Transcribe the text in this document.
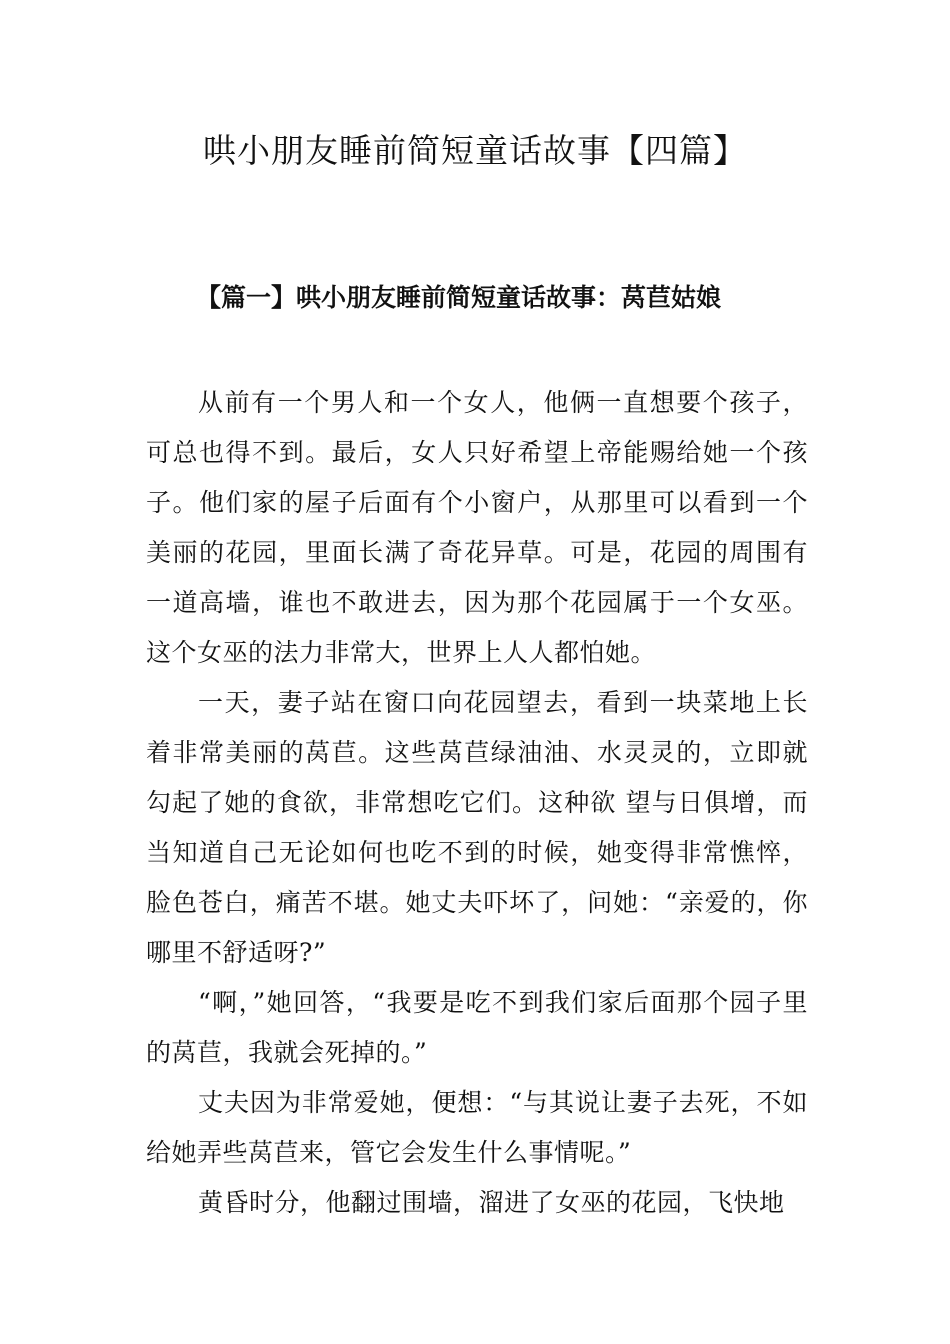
哄小朋友睡前简短童话故事【四篇】
【篇一】哄小朋友睡前简短童话故事：莴苣姑娘

从前有一个男人和一个女人，他俩一直想要个孩子，可总也得不到。最后，女人只好希望上帝能赐给她一个孩子。他们家的屋子后面有个小窗户，从那里可以看到一个美丽的花园，里面长满了奇花异草。可是，花园的周围有一道高墙，谁也不敢进去，因为那个花园属于一个女巫。这个女巫的法力非常大，世界上人人都怕她。

一天，妻子站在窗口向花园望去，看到一块菜地上长着非常美丽的莴苣。这些莴苣绿油油、水灵灵的，立即就勾起了她的食欲，非常想吃它们。这种欲 望与日俱增，而当知道自己无论如何也吃不到的时候，她变得非常憔悴，脸色苍白，痛苦不堪。她丈夫吓坏了，问她：“亲爱的，你哪里不舒适呀?”

“啊，”她回答，“我要是吃不到我们家后面那个园子里的莴苣，我就会死掉的。”

丈夫因为非常爱她，便想：“与其说让妻子去死，不如给她弄些莴苣来，管它会发生什么事情呢。”

黄昏时分，他翻过围墙，溜进了女巫的花园，飞快地
